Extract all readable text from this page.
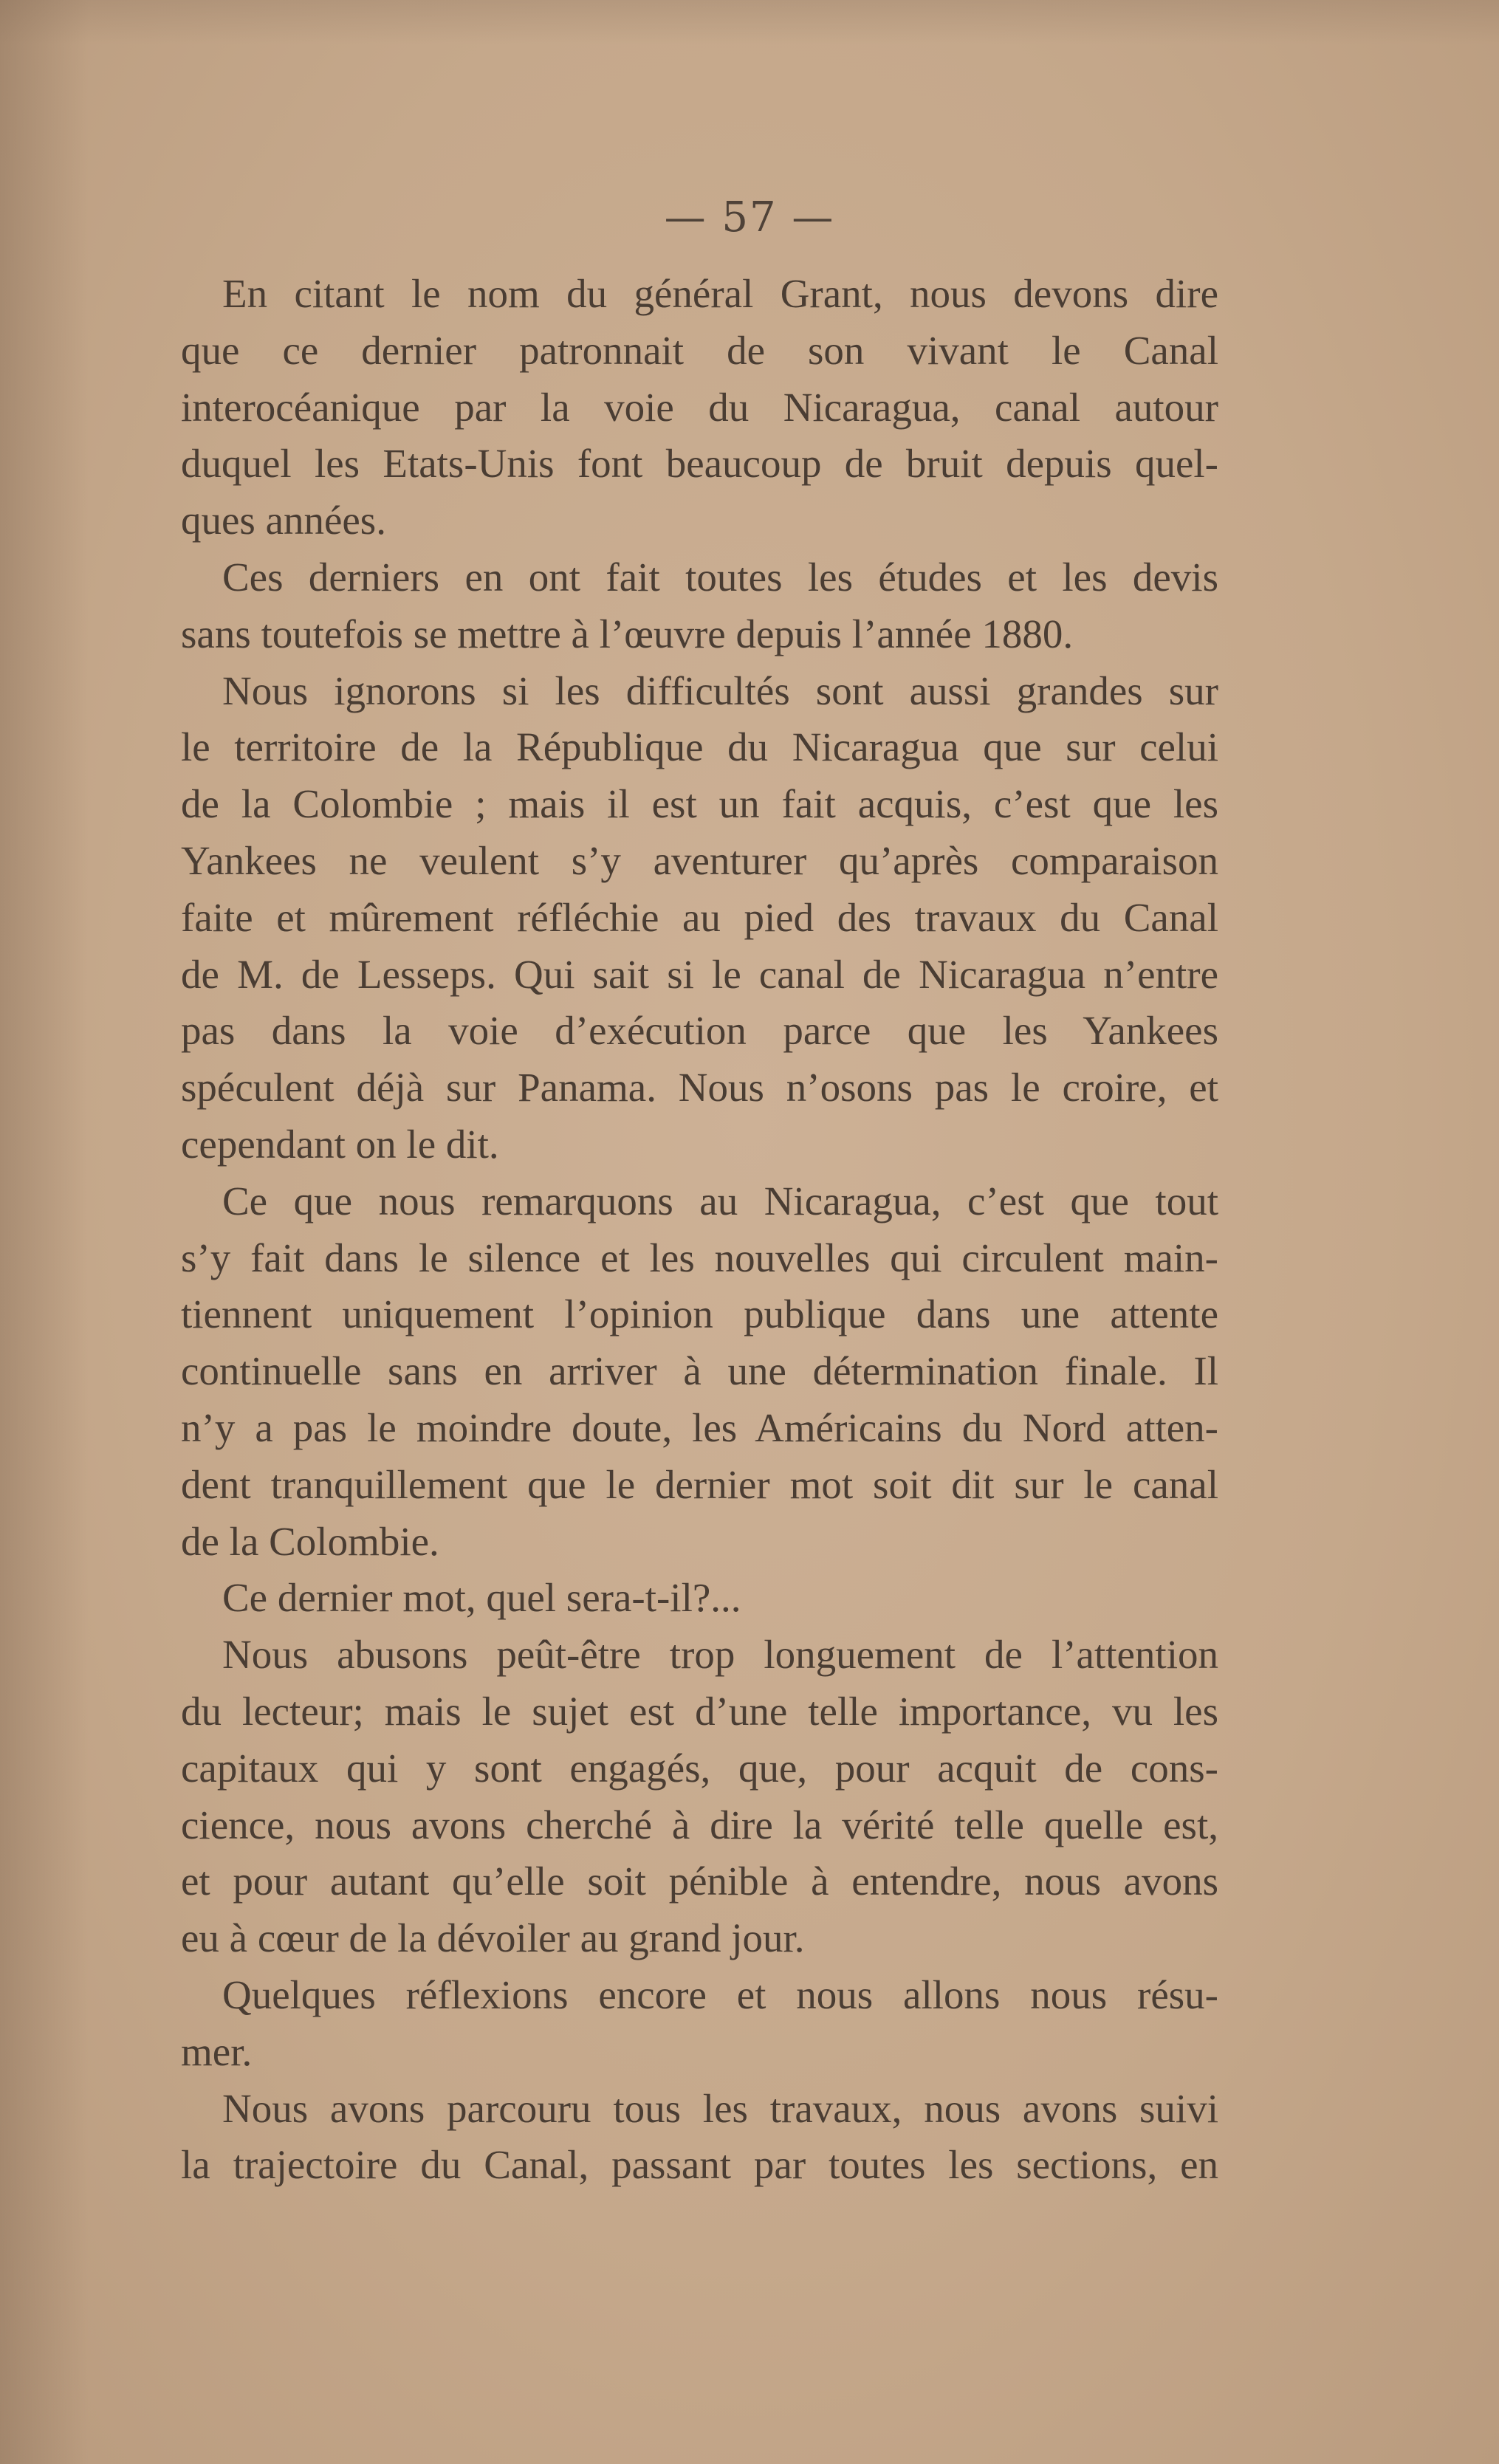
— 57 —
En citant le nom du général Grant, nous devons dire
que ce dernier patronnait de son vivant le Canal
interocéanique par la voie du Nicaragua, canal autour
duquel les Etats-Unis font beaucoup de bruit depuis quel-
ques années.
Ces derniers en ont fait toutes les études et les devis
sans toutefois se mettre à l’œuvre depuis l’année 1880.
Nous ignorons si les difficultés sont aussi grandes sur
le territoire de la République du Nicaragua que sur celui
de la Colombie ; mais il est un fait acquis, c’est que les
Yankees ne veulent s’y aventurer qu’après comparaison
faite et mûrement réfléchie au pied des travaux du Canal
de M. de Lesseps. Qui sait si le canal de Nicaragua n’entre
pas dans la voie d’exécution parce que les Yankees
spéculent déjà sur Panama. Nous n’osons pas le croire, et
cependant on le dit.
Ce que nous remarquons au Nicaragua, c’est que tout
s’y fait dans le silence et les nouvelles qui circulent main-
tiennent uniquement l’opinion publique dans une attente
continuelle sans en arriver à une détermination finale. Il
n’y a pas le moindre doute, les Américains du Nord atten-
dent tranquillement que le dernier mot soit dit sur le canal
de la Colombie.
Ce dernier mot, quel sera-t-il?...
Nous abusons peût-être trop longuement de l’attention
du lecteur; mais le sujet est d’une telle importance, vu les
capitaux qui y sont engagés, que, pour acquit de cons-
cience, nous avons cherché à dire la vérité telle quelle est,
et pour autant qu’elle soit pénible à entendre, nous avons
eu à cœur de la dévoiler au grand jour.
Quelques réflexions encore et nous allons nous résu-
mer.
Nous avons parcouru tous les travaux, nous avons suivi
la trajectoire du Canal, passant par toutes les sections, en
